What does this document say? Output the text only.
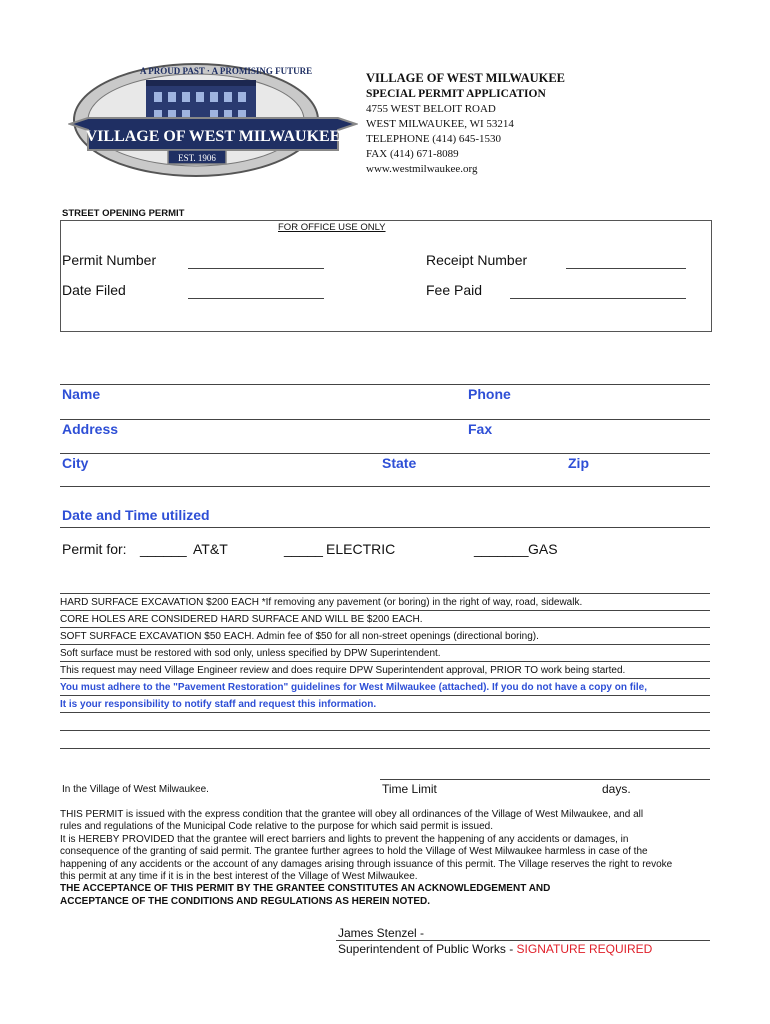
A PROUD PAST · A PROMISING FUTURE
VILLAGE OF WEST MILWAUKEE
EST. 1906
VILLAGE OF WEST MILWAUKEE
SPECIAL PERMIT APPLICATION
4755 WEST BELOIT ROAD
WEST MILWAUKEE, WI 53214
TELEPHONE (414) 645-1530
FAX (414) 671-8089
www.westmilwaukee.org
STREET OPENING PERMIT
FOR OFFICE USE ONLY
Permit Number	Receipt Number
Date Filed	Fee Paid
Name	Phone
Address	Fax
City	State	Zip
Date and Time utilized
Permit for: ______ AT&T	_____ ELECTRIC	_______ GAS
HARD SURFACE EXCAVATION $200 EACH *If removing any pavement (or boring) in the right of way, road, sidewalk.
CORE HOLES ARE CONSIDERED HARD SURFACE AND WILL BE $200 EACH.
SOFT SURFACE EXCAVATION $50 EACH. Admin fee of $50 for all non-street openings (directional boring).
Soft surface must be restored with sod only, unless specified by DPW Superintendent.
This request may need Village Engineer review and does require DPW Superintendent approval, PRIOR TO work being started.
You must adhere to the "Pavement Restoration" guidelines for West Milwaukee (attached). If you do not have a copy on file,
It is your responsibility to notify staff and request this information.
In the Village of West Milwaukee.	Time Limit	days.
THIS PERMIT is issued with the express condition that the grantee will obey all ordinances of the Village of West Milwaukee, and all
rules and regulations of the Municipal Code relative to the purpose for which said permit is issued.
It is HEREBY PROVIDED that the grantee will erect barriers and lights to prevent the happening of any accidents or damages, in
consequence of the granting of said permit. The grantee further agrees to hold the Village of West Milwaukee harmless in case of the
happening of any accidents or the account of any damages arising through issuance of this permit. The Village reserves the right to revoke
this permit at any time if it is in the best interest of the Village of West Milwaukee.
THE ACCEPTANCE OF THIS PERMIT BY THE GRANTEE CONSTITUTES AN ACKNOWLEDGEMENT AND
ACCEPTANCE OF THE CONDITIONS AND REGULATIONS AS HEREIN NOTED.
James Stenzel -
Superintendent of Public Works - SIGNATURE REQUIRED
